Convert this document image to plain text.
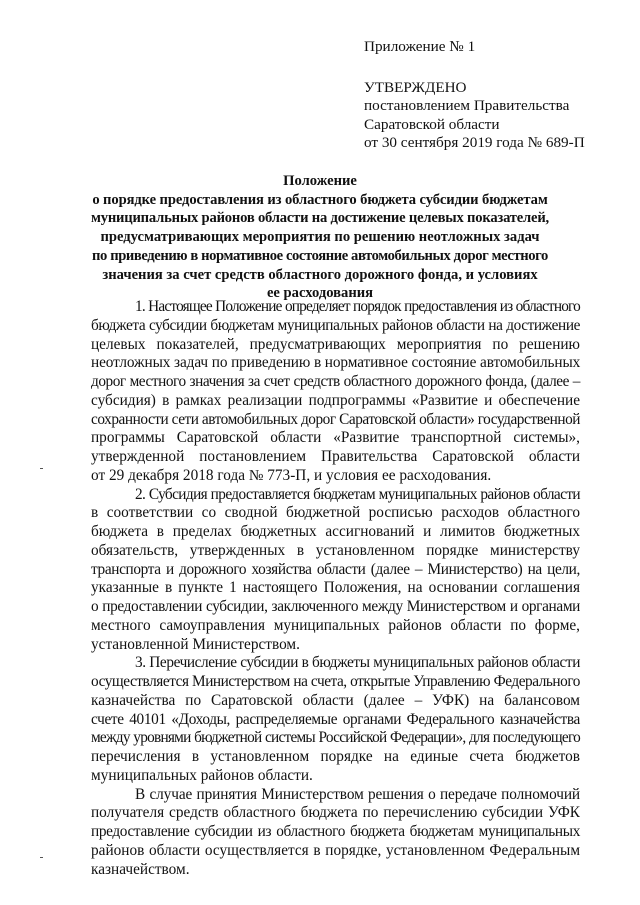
Приложение № 1
УТВЕРЖДЕНО
постановлением Правительства
Саратовской области
от 30 сентября 2019 года № 689-П
Положение
о порядке предоставления из областного бюджета субсидии бюджетам
муниципальных районов области на достижение целевых показателей,
предусматривающих мероприятия по решению неотложных задач
по приведению в нормативное состояние автомобильных дорог местного
значения за счет средств областного дорожного фонда, и условиях
ее расходования
1. Настоящее Положение определяет порядок предоставления из областного
бюджета субсидии бюджетам муниципальных районов области на достижение
целевых показателей, предусматривающих мероприятия по решению
неотложных задач по приведению в нормативное состояние автомобильных
дорог местного значения за счет средств областного дорожного фонда, (далее –
субсидия) в рамках реализации подпрограммы «Развитие и обеспечение
сохранности сети автомобильных дорог Саратовской области» государственной
программы Саратовской области «Развитие транспортной системы»,
утвержденной постановлением Правительства Саратовской области
от 29 декабря 2018 года № 773-П, и условия ее расходования.
2. Субсидия предоставляется бюджетам муниципальных районов области
в соответствии со сводной бюджетной росписью расходов областного
бюджета в пределах бюджетных ассигнований и лимитов бюджетных
обязательств, утвержденных в установленном порядке министерству
транспорта и дорожного хозяйства области (далее – Министерство) на цели,
указанные в пункте 1 настоящего Положения, на основании соглашения
о предоставлении субсидии, заключенного между Министерством и органами
местного самоуправления муниципальных районов области по форме,
установленной Министерством.
3. Перечисление субсидии в бюджеты муниципальных районов области
осуществляется Министерством на счета, открытые Управлению Федерального
казначейства по Саратовской области (далее – УФК) на балансовом
счете 40101 «Доходы, распределяемые органами Федерального казначейства
между уровнями бюджетной системы Российской Федерации», для последующего
перечисления в установленном порядке на единые счета бюджетов
муниципальных районов области.
В случае принятия Министерством решения о передаче полномочий
получателя средств областного бюджета по перечислению субсидии УФК
предоставление субсидии из областного бюджета бюджетам муниципальных
районов области осуществляется в порядке, установленном Федеральным
казначейством.
